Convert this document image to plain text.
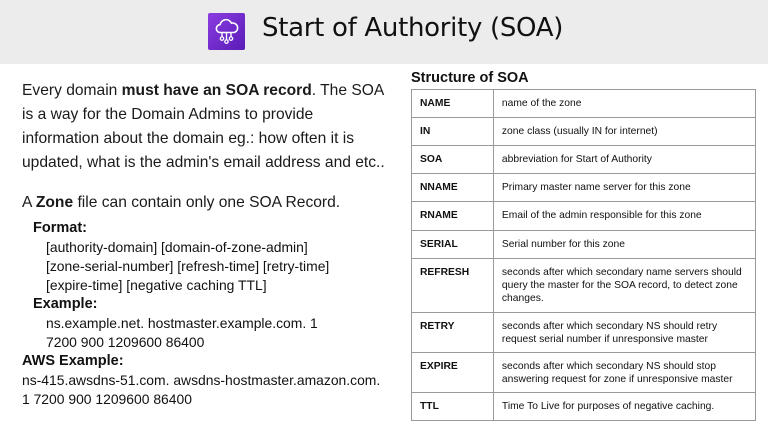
Start of Authority (SOA)

Every domain must have an SOA record. The SOA is a way for the Domain Admins to provide information about the domain eg.: how often it is updated, what is the admin's email address and etc..

A Zone file can contain only one SOA Record.

Format:
[authority-domain] [domain-of-zone-admin]
[zone-serial-number] [refresh-time] [retry-time]
[expire-time] [negative caching TTL]
Example:
ns.example.net. hostmaster.example.com. 1
7200 900 1209600 86400
AWS Example:
ns-415.awsdns-51.com. awsdns-hostmaster.amazon.com.
1 7200 900 1209600 86400
Structure of SOA
NAME	name of the zone
IN	zone class (usually IN for internet)
SOA	abbreviation for Start of Authority
NNAME	Primary master name server for this zone
RNAME	Email of the admin responsible for this zone
SERIAL	Serial number for this zone
REFRESH	seconds after which secondary name servers should query the master for the SOA record, to detect zone changes.
RETRY	seconds after which secondary NS should retry request serial number if unresponsive master
EXPIRE	seconds after which secondary NS should stop answering request for zone if unresponsive master
TTL	Time To Live for purposes of negative caching.
